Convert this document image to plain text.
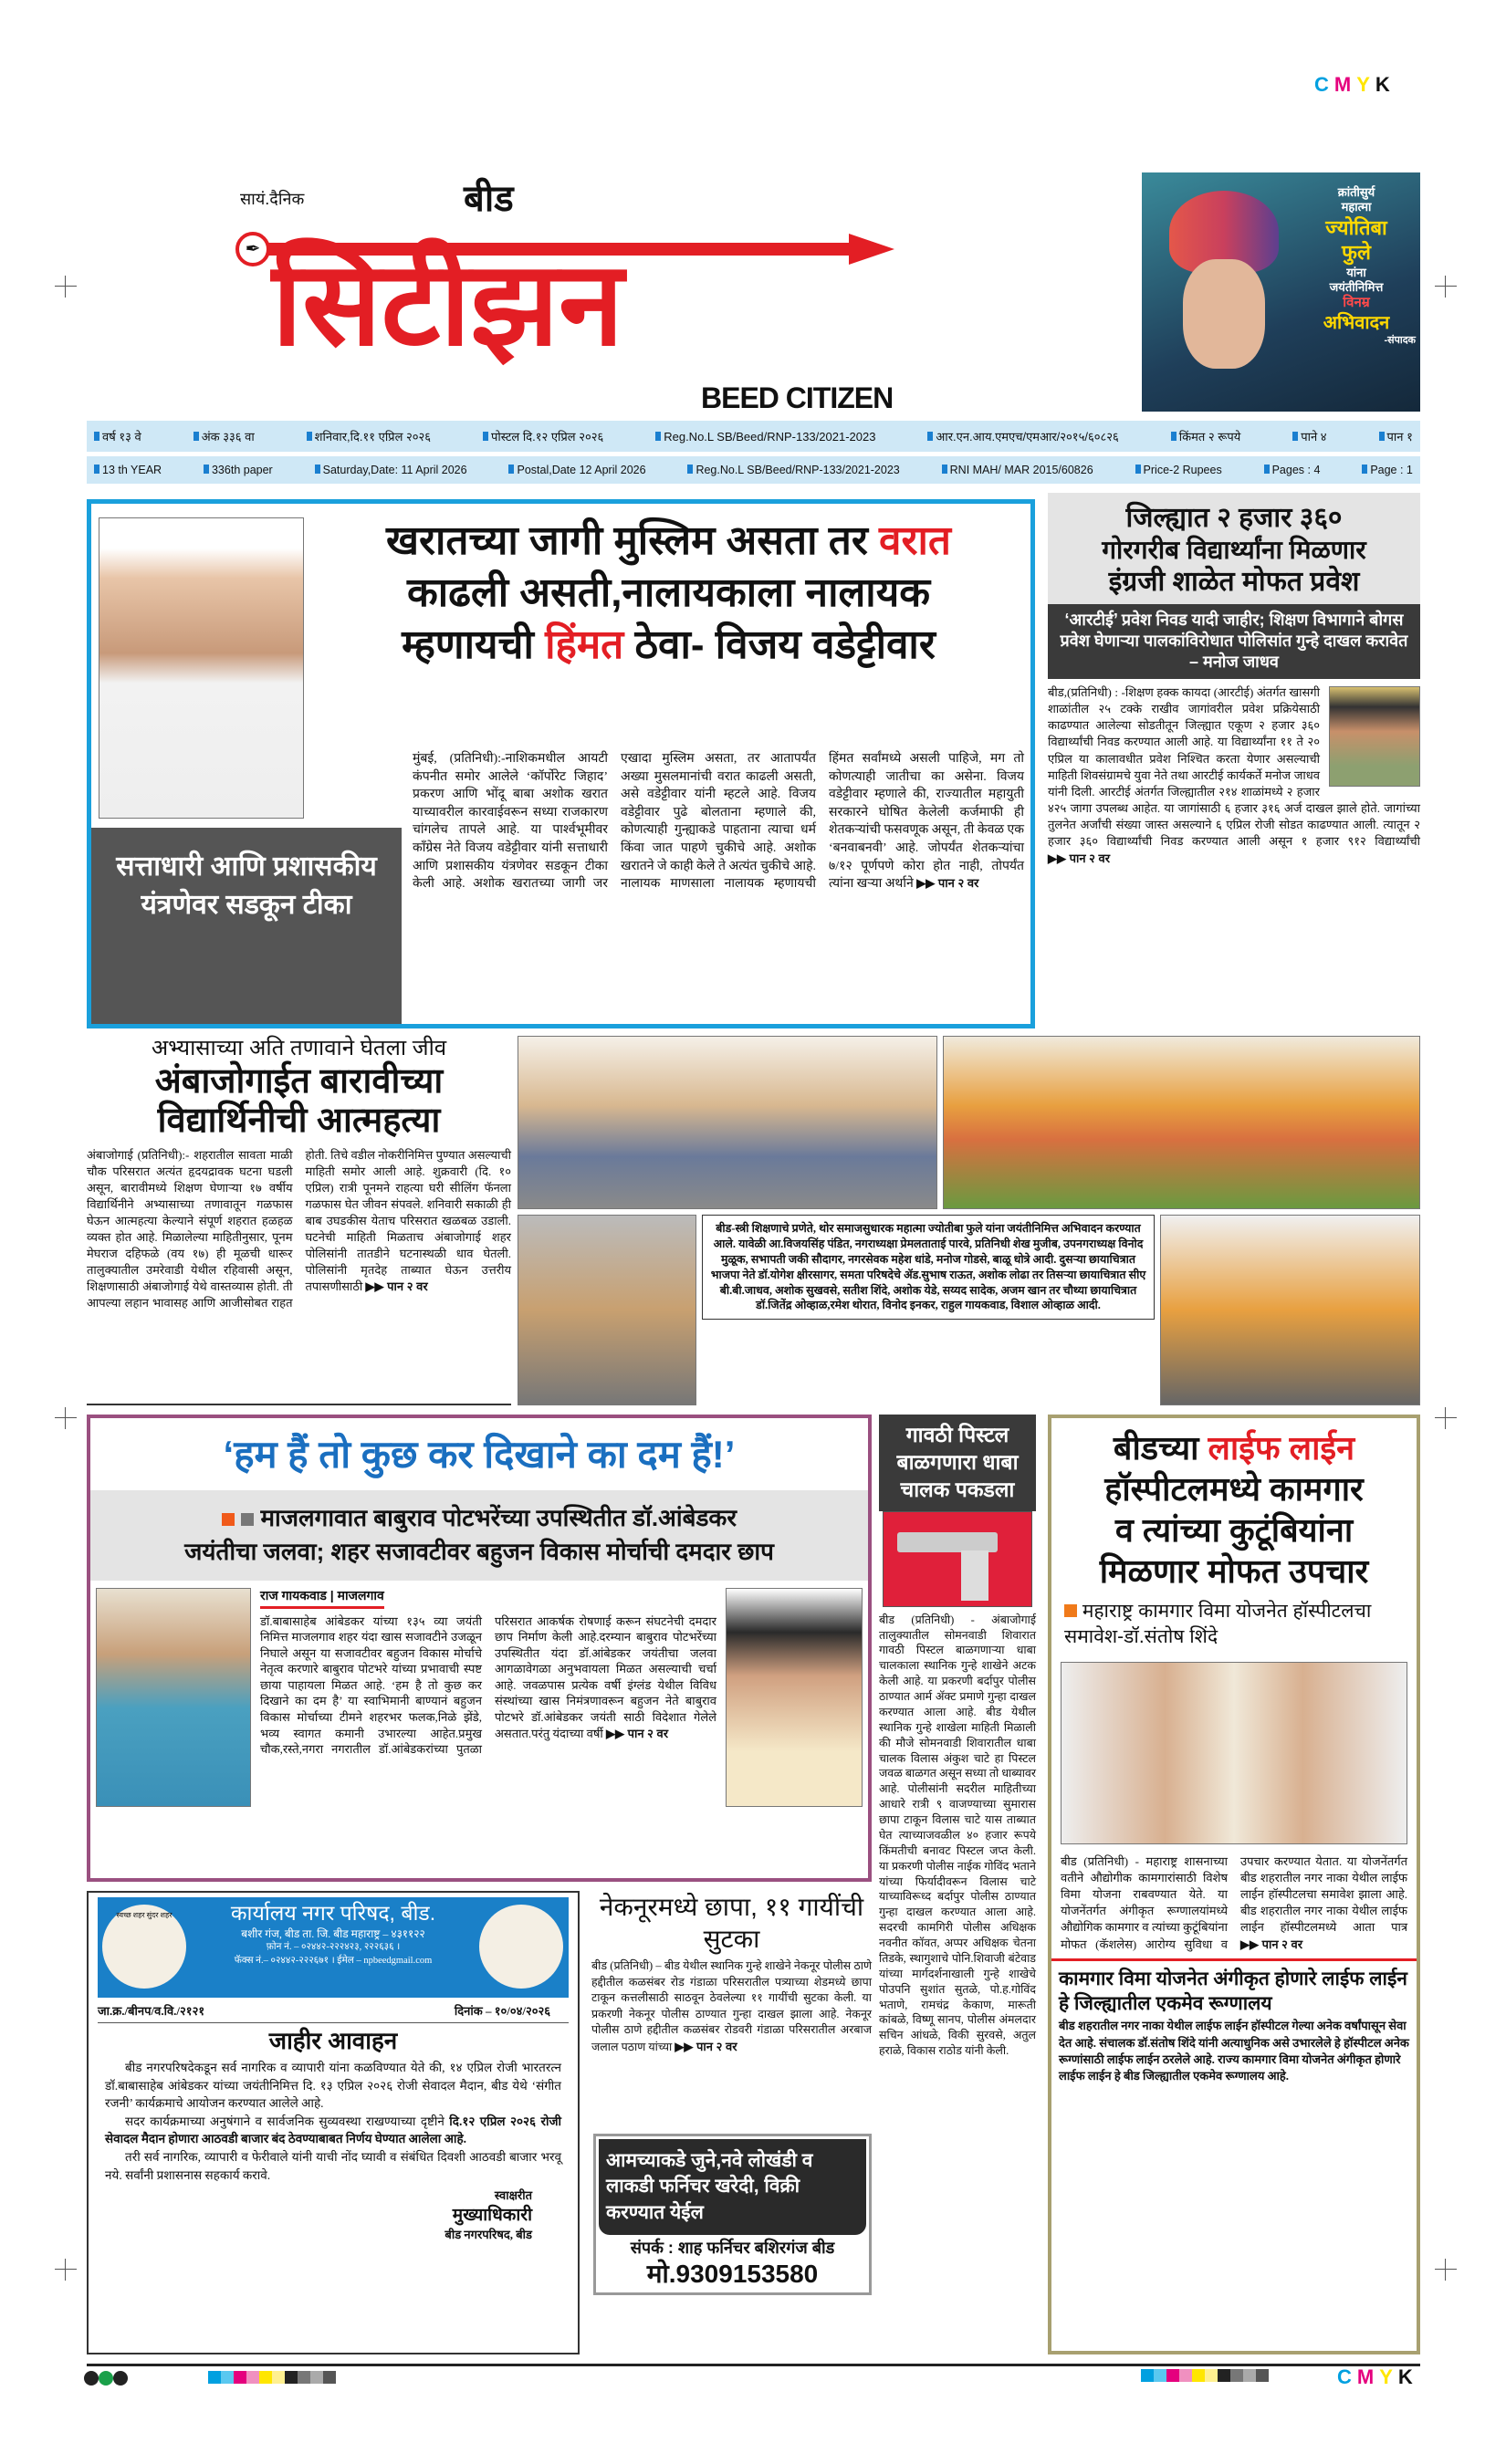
CMYK
सायं.दैनिक
✒
बीड
सिटीझन
BEED CITIZEN
क्रांतीसुर्य
महात्मा
ज्योतिबा
फुले
यांना
जयंतीनिमित्त
विनम्र
अभिवादन
-संपादक
वर्ष १३ वे	अंक ३३६ वा	शनिवार,दि.११ एप्रिल २०२६	पोस्टल दि.१२ एप्रिल २०२६	Reg.No.L SB/Beed/RNP-133/2021-2023	आर.एन.आय.एमएच/एमआर/२०१५/६०८२६	किंमत २ रूपये	पाने ४	पान १
13 th YEAR	336th paper	Saturday,Date: 11 April 2026	Postal,Date 12 April 2026	Reg.No.L SB/Beed/RNP-133/2021-2023	RNI MAH/ MAR 2015/60826	Price-2 Rupees	Pages : 4	Page : 1
खरातच्या जागी मुस्लिम असता तर वरात
काढली असती,नालायकाला नालायक
म्हणायची हिंमत ठेवा- विजय वडेट्टीवार
सत्ताधारी आणि प्रशासकीय यंत्रणेवर सडकून टीका
मुंबई, (प्रतिनिधी):-नाशिकमधील आयटी कंपनीत समोर आलेले ‘कॉर्पोरेट जिहाद’ प्रकरण आणि भोंदू बाबा अशोक खरात याच्यावरील कारवाईवरून सध्या राजकारण चांगलेच तापले आहे. या पार्श्वभूमीवर काँग्रेस नेते विजय वडेट्टीवार यांनी सत्ताधारी आणि प्रशासकीय यंत्रणेवर सडकून टीका केली आहे. अशोक खरातच्या जागी जर एखादा मुस्लिम असता, तर आतापर्यंत अख्या मुसलमानांची वरात काढली असती, असे वडेट्टीवार यांनी म्हटले आहे. विजय वडेट्टीवार पुढे बोलताना म्हणाले की, कोणत्याही गुन्ह्याकडे पाहताना त्याचा धर्म किंवा जात पाहणे चुकीचे आहे. अशोक खरातने जे काही केले ते अत्यंत चुकीचे आहे. नालायक माणसाला नालायक म्हणायची हिंमत सर्वांमध्ये असली पाहिजे, मग तो कोणत्याही जातीचा का असेना. विजय वडेट्टीवार म्हणाले की, राज्यातील महायुती सरकारने घोषित केलेली कर्जमाफी ही शेतकऱ्यांची फसवणूक असून, ती केवळ एक ‘बनवाबनवी’ आहे. जोपर्यंत शेतकऱ्यांचा ७/१२ पूर्णपणे कोरा होत नाही, तोपर्यंत त्यांना खऱ्या अर्थाने ▶▶ पान २ वर
जिल्ह्यात २ हजार ३६०
गोरगरीब विद्यार्थ्यांना मिळणार
इंग्रजी शाळेत मोफत प्रवेश
‘आरटीई’ प्रवेश निवड यादी जाहीर; शिक्षण विभागाने बोगस प्रवेश घेणाऱ्या पालकांविरोधात पोलिसांत गुन्हे दाखल करावेत – मनोज जाधव
बीड,(प्रतिनिधी) : -शिक्षण हक्क कायदा (आरटीई) अंतर्गत खासगी शाळांतील २५ टक्के राखीव जागांवरील प्रवेश प्रक्रियेसाठी काढण्यात आलेल्या सोडतीतून जिल्ह्यात एकूण २ हजार ३६० विद्यार्थ्यांची निवड करण्यात आली आहे. या विद्यार्थ्यांना ११ ते २० एप्रिल या कालावधीत प्रवेश निश्चित करता येणार असल्याची माहिती शिवसंग्रामचे युवा नेते तथा आरटीई कार्यकर्ते मनोज जाधव यांनी दिली. आरटीई अंतर्गत जिल्ह्यातील २१४ शाळांमध्ये २ हजार ४२५ जागा उपलब्ध आहेत. या जागांसाठी ६ हजार ३१६ अर्ज दाखल झाले होते. जागांच्या तुलनेत अर्जांची संख्या जास्त असल्याने ६ एप्रिल रोजी सोडत काढण्यात आली. त्यातून २ हजार ३६० विद्यार्थ्यांची निवड करण्यात आली असून १ हजार ९१२ विद्यार्थ्यांची ▶▶ पान २ वर
अभ्यासाच्या अति तणावाने घेतला जीव
अंबाजोगाईत बारावीच्या
विद्यार्थिनीची आत्महत्या
अंबाजोगाई (प्रतिनिधी):- शहरातील सावता माळी चौक परिसरात अत्यंत हृदयद्रावक घटना घडली असून, बारावीमध्ये शिक्षण घेणाऱ्या १७ वर्षीय विद्यार्थिनीने अभ्यासाच्या तणावातून गळफास घेऊन आत्महत्या केल्याने संपूर्ण शहरात हळहळ व्यक्त होत आहे. मिळालेल्या माहितीनुसार, पूनम मेघराज दहिफळे (वय १७) ही मूळची धारूर तालुक्यातील उमरेवाडी येथील रहिवासी असून, शिक्षणासाठी अंबाजोगाई येथे वास्तव्यास होती. ती आपल्या लहान भावासह आणि आजीसोबत राहत होती. तिचे वडील नोकरीनिमित्त पुण्यात असल्याची माहिती समोर आली आहे. शुक्रवारी (दि. १० एप्रिल) रात्री पूनमने राहत्या घरी सीलिंग फॅनला गळफास घेत जीवन संपवले. शनिवारी सकाळी ही बाब उघडकीस येताच परिसरात खळबळ उडाली. घटनेची माहिती मिळताच अंबाजोगाई शहर पोलिसांनी तातडीने घटनास्थळी धाव घेतली. पोलिसांनी मृतदेह ताब्यात घेऊन उत्तरीय तपासणीसाठी ▶▶ पान २ वर
बीड-स्त्री शिक्षणाचे प्रणेते, थोर समाजसुधारक महात्मा ज्योतीबा फुले यांना जयंतीनिमित्त अभिवादन करण्यात आले. यावेळी आ.विजयसिंह पंडित, नगराध्यक्षा प्रेमलताताई पारवे, प्रतिनिधी शेख मुजीब, उपनगराध्यक्ष विनोद मुळूक, सभापती जकी सौदागर, नगरसेवक महेश धांडे, मनोज गोडसे, बाळू धोत्रे आदी. दुसऱ्या छायाचित्रात भाजपा नेते डॉ.योगेश क्षीरसागर, समता परिषदेचे ॲड.सुभाष राऊत, अशोक लोढा तर तिसऱ्या छायाचित्रात सीए बी.बी.जाधव, अशोक सुखवसे, सतीश शिंदे, अशोक येडे, सय्यद सादेक, अजम खान तर चौथ्या छायाचित्रात डॉ.जितेंद्र ओव्हाळ,रमेश थोरात, विनोद इनकर, राहुल गायकवाड, विशाल ओव्हाळ आदी.
‘हम हैं तो कुछ कर दिखाने का दम हैं!’
माजलगावात बाबुराव पोटभरेंच्या उपस्थितीत डॉ.आंबेडकर
जयंतीचा जलवा; शहर सजावटीवर बहुजन विकास मोर्चाची दमदार छाप
राज गायकवाड | माजलगाव
डॉ.बाबासाहेब आंबेडकर यांच्या १३५ व्या जयंती निमित्त माजलगाव शहर यंदा खास सजावटीने उजळून निघाले असून या सजावटीवर बहुजन विकास मोर्चाचे नेतृत्व करणारे बाबुराव पोटभरे यांच्या प्रभावाची स्पष्ट छाया पाहायला मिळत आहे. ‘हम है तो कुछ कर दिखाने का दम है’ या स्वाभिमानी बाण्यानं बहुजन विकास मोर्चाच्या टीमने शहरभर फलक,निळे झेंडे, भव्य स्वागत कमानी उभारल्या आहेत.प्रमुख चौक,रस्ते,नगरा नगरातील डॉ.आंबेडकरांच्या पुतळा परिसरात आकर्षक रोषणाई करून संघटनेची दमदार छाप निर्माण केली आहे.दरम्यान बाबुराव पोटभरेंच्या उपस्थितीत यंदा डॉ.आंबेडकर जयंतीचा जलवा आगळावेगळा अनुभवायला मिळत असल्याची चर्चा आहे. जवळपास प्रत्येक वर्षी इंग्लंड येथील विविध संस्थांच्या खास निमंत्रणावरून बहुजन नेते बाबुराव पोटभरे डॉ.आंबेडकर जयंती साठी विदेशात गेलेले असतात.परंतु यंदाच्या वर्षी ▶▶ पान २ वर
गावठी पिस्टल बाळगणारा धाबा चालक पकडला
बीड (प्रतिनिधी) - अंबाजोगाई तालुक्यातील सोमनवाडी शिवारात गावठी पिस्टल बाळगणाऱ्या धाबा चालकाला स्थानिक गुन्हे शाखेने अटक केली आहे. या प्रकरणी बर्दापुर पोलीस ठाण्यात आर्म ॲक्ट प्रमाणे गुन्हा दाखल करण्यात आला आहे. बीड येथील स्थानिक गुन्हे शाखेला माहिती मिळाली की मौजे सोमनवाडी शिवारातील धाबा चालक विलास अंकुश चाटे हा पिस्टल जवळ बाळगत असून सध्या तो धाब्यावर आहे. पोलीसांनी सदरील माहितीच्या आधारे रात्री ९ वाजण्याच्या सुमारास छापा टाकून विलास चाटे यास ताब्यात घेत त्याच्याजवळील ४० हजार रूपये किंमतीची बनावट पिस्टल जप्त केली. या प्रकरणी पोलीस नाईक गोविंद भताने यांच्या फिर्यादीवरून विलास चाटे याच्याविरूध्द बर्दापुर पोलीस ठाण्यात गुन्हा दाखल करण्यात आला आहे. सदरची कामगिरी पोलीस अधिक्षक नवनीत कॉवत, अप्पर अधिक्षक चेतना तिडके, स्थागुशाचे पोनि.शिवाजी बंटेवाड यांच्या मार्गदर्शनाखाली गुन्हे शाखेचे पोउपनि सुशांत सुतळे, पो.ह.गोविंद भताणे, रामचंद्र केकाण, मारूती कांबळे, विष्णू सानप, पोलीस अंमलदार सचिन आंधळे, विकी सुरवसे, अतुल हराळे, विकास राठोड यांनी केली.
बीडच्या लाईफ लाईन
हॉस्पीटलमध्ये कामगार
व त्यांच्या कुटूंबियांना
मिळणार मोफत उपचार
महाराष्ट्र कामगार विमा योजनेत हॉस्पीटलचा समावेश-डॉ.संतोष शिंदे
बीड (प्रतिनिधी) - महाराष्ट्र शासनाच्या वतीने औद्योगीक कामगारांसाठी विशेष विमा योजना राबवण्यात येते. या योजनेंतर्गत अंगीकृत रूग्णालयांमध्ये औद्योगिक कामगार व त्यांच्या कुटूंबियांना मोफत (कॅशलेस) आरोग्य सुविधा व उपचार करण्यात येतात. या योजनेंतर्गत बीड शहरातील नगर नाका येथील लाईफ लाईन हॉस्पीटलचा समावेश झाला आहे. बीड शहरातील नगर नाका येथील लाईफ लाईन हॉस्पीटलमध्ये आता पात्र ▶▶ पान २ वर
कामगार विमा योजनेत अंगीकृत होणारे लाईफ लाईन हे जिल्ह्यातील एकमेव रूग्णालय
बीड शहरातील नगर नाका येथील लाईफ लाईन हॉस्पीटल गेल्या अनेक वर्षांपासून सेवा देत आहे. संचालक डॉ.संतोष शिंदे यांनी अत्याधुनिक असे उभारलेले हे हॉस्पीटल अनेक रूग्णांसाठी लाईफ लाईन ठरलेले आहे. राज्य कामगार विमा योजनेत अंगीकृत होणारे लाईफ लाईन हे बीड जिल्ह्यातील एकमेव रूग्णालय आहे.
स्वच्छ शहर सुंदर शहर	कार्यालय नगर परिषद, बीड.
बशीर गंज, बीड ता. जि. बीड महाराष्ट्र – ४३११२२
फ़ोन नं. – ०२४४२-२२२४२३, २२२६३६ ।
फॅक्स नं.– ०२४४२-२२२६७१ । ईमेल – npbeedgmail.com
जा.क्र./बीनप/व.वि./२१२१	दिनांक – १०/०४/२०२६
जाहीर आवाहन

बीड नगरपरिषदेकडून सर्व नागरिक व व्यापारी यांना कळविण्यात येते की, १४ एप्रिल रोजी भारतरत्न डॉ.बाबासाहेब आंबेडकर यांच्या जयंतीनिमित्त दि. १३ एप्रिल २०२६ रोजी सेवादल मैदान, बीड येथे ‘संगीत रजनी’ कार्यक्रमाचे आयोजन करण्यात आलेले आहे.

सदर कार्यक्रमाच्या अनुषंगाने व सार्वजनिक सुव्यवस्था राखण्याच्या दृष्टीने दि.१२ एप्रिल २०२६ रोजी सेवादल मैदान होणारा आठवडी बाजार बंद ठेवण्याबाबत निर्णय घेण्यात आलेला आहे.

तरी सर्व नागरिक, व्यापारी व फेरीवाले यांनी याची नोंद घ्यावी व संबंधित दिवशी आठवडी बाजार भरवू नये. सर्वांनी प्रशासनास सहकार्य करावे.

स्वाक्षरीत
मुख्याधिकारी
बीड नगरपरिषद, बीड
नेकनूरमध्ये छापा, ११ गायींची सुटका
बीड (प्रतिनिधी) – बीड येथील स्थानिक गुन्हे शाखेने नेकनूर पोलीस ठाणे हद्दीतील कळसंबर रोड गंडाळा परिसरातील पत्र्याच्या शेडमध्ये छापा टाकून कत्तलीसाठी साठवून ठेवलेल्या ११ गायींची सुटका केली. या प्रकरणी नेकनूर पोलीस ठाण्यात गुन्हा दाखल झाला आहे. नेकनूर पोलीस ठाणे हद्दीतील कळसंबर रोडवरी गंडाळा परिसरातील अरबाज जलाल पठाण यांच्या ▶▶ पान २ वर
आमच्याकडे जुने,नवे लोखंडी व लाकडी फर्निचर खरेदी, विक्री करण्यात येईल
संपर्क : शाह फर्निचर बशिरगंज बीड
मो.9309153580
CMYK
